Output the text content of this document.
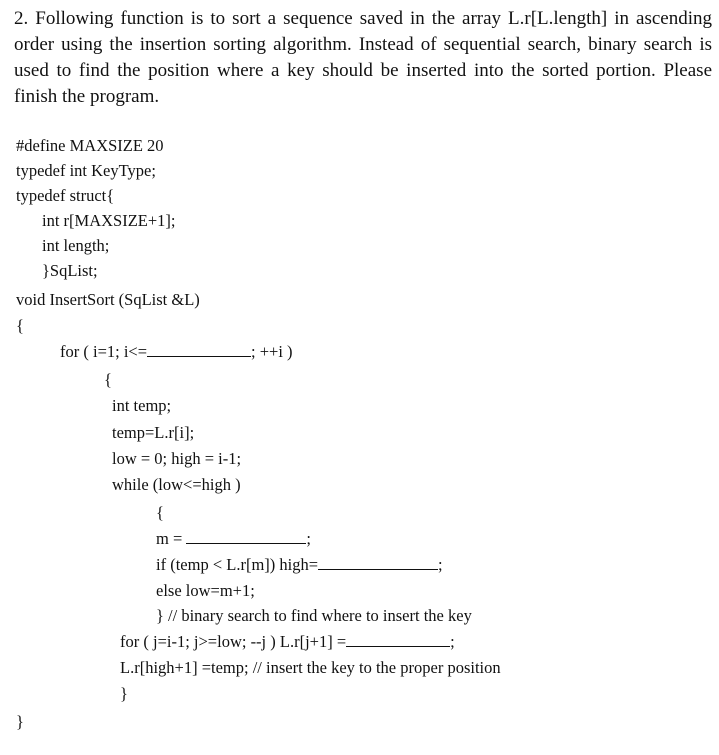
2. Following function is to sort a sequence saved in the array L.r[L.length] in ascending order using the insertion sorting algorithm. Instead of sequential search, binary search is used to find the position where a key should be inserted into the sorted portion. Please finish the program.
#define MAXSIZE 20
typedef int KeyType;
typedef struct{
int r[MAXSIZE+1];
int length;
}SqList;
void InsertSort (SqList &L)
{
for ( i=1; i<=	; ++i )
{
int temp;
temp=L.r[i];
low = 0; high = i-1;
while (low<=high )
{
m =	;
if (temp < L.r[m]) high=	;
else low=m+1;
} // binary search to find where to insert the key
for ( j=i-1; j>=low; --j ) L.r[j+1] =	;
L.r[high+1] =temp; // insert the key to the proper position
}
}
